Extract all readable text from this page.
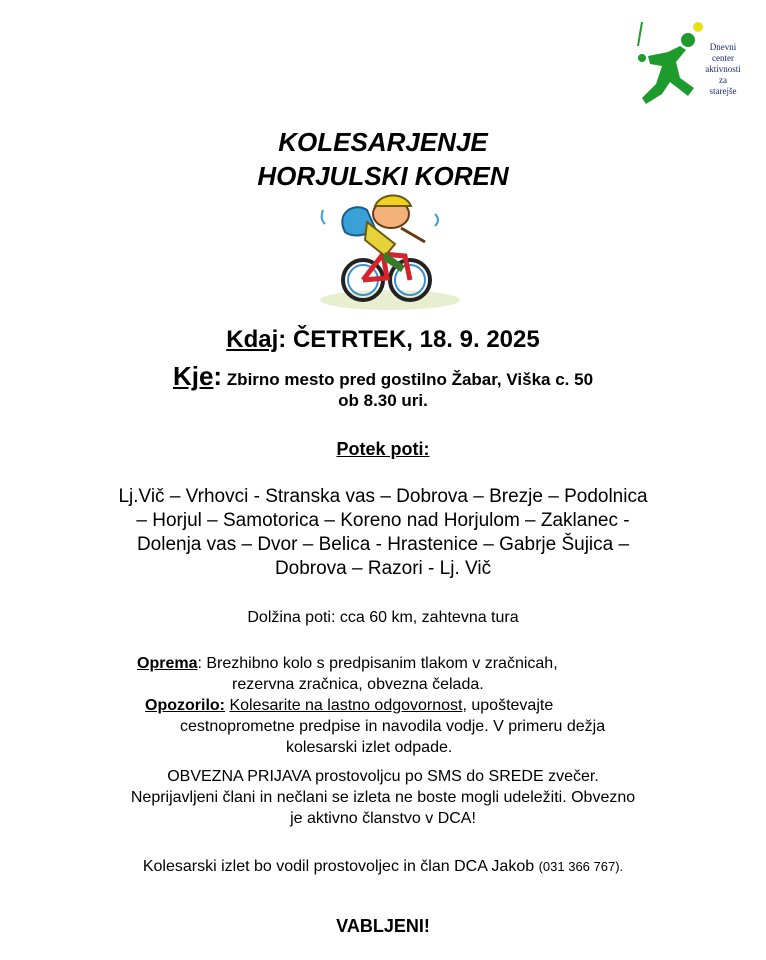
Dnevni
center
aktivnosti
za
starejše
KOLESARJENJE
HORJULSKI KOREN
Kdaj: ČETRTEK, 18. 9. 2025
Kje: Zbirno mesto pred gostilno Žabar, Viška c. 50
ob 8.30 uri.
Potek poti:
Lj.Vič – Vrhovci - Stranska vas – Dobrova – Brezje – Podolnica
– Horjul – Samotorica – Koreno nad Horjulom – Zaklanec -
Dolenja vas – Dvor – Belica - Hrastenice – Gabrje Šujica –
Dobrova – Razori - Lj. Vič
Dolžina poti: cca 60 km, zahtevna tura
Oprema: Brezhibno kolo s predpisanim tlakom v zračnicah,
rezervna zračnica, obvezna čelada.
Opozorilo: Kolesarite na lastno odgovornost, upoštevajte
cestnoprometne predpise in navodila vodje. V primeru dežja
kolesarski izlet odpade.
OBVEZNA PRIJAVA prostovoljcu po SMS do SREDE zvečer.
Neprijavljeni člani in nečlani se izleta ne boste mogli udeležiti. Obvezno
je aktivno članstvo v DCA!
Kolesarski izlet bo vodil prostovoljec in član DCA Jakob (031 366 767).
VABLJENI!
